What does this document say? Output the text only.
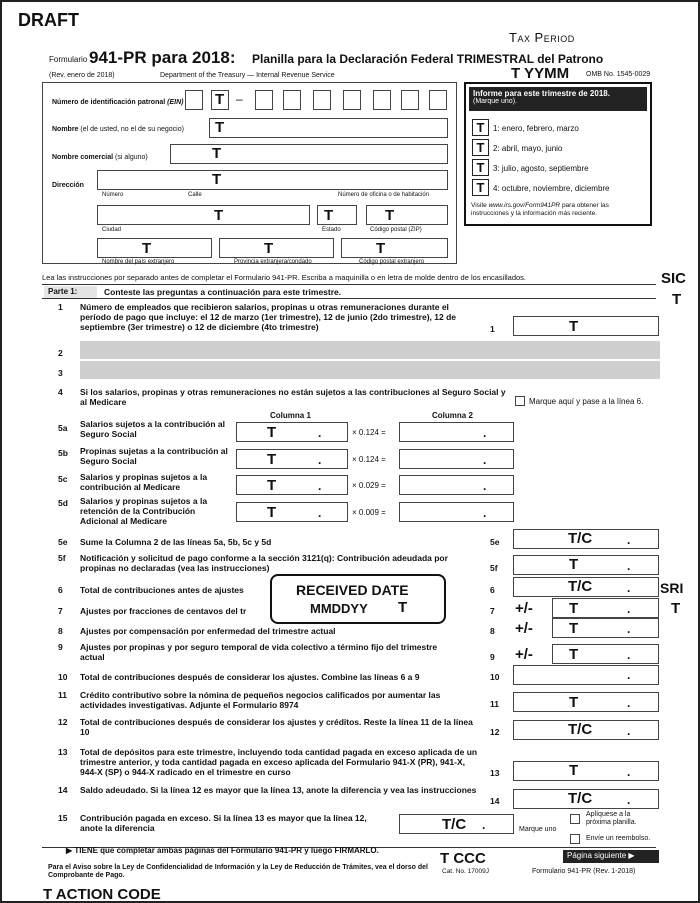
DRAFT
Tax Period
Formulario 941-PR para 2018: Planilla para la Declaración Federal TRIMESTRAL del Patrono
(Rev. enero de 2018)	Department of the Treasury — Internal Revenue Service	T YYMM OMB No. 1545-0029
Número de identificación patronal (EIN) T –
Nombre (el de usted, no el de su negocio) T
Nombre comercial (si alguno)	T
Dirección	T
Número	Calle	Número de oficina o de habitación
T	T	T
Ciudad	Estado	Código postal (ZIP)
T	T	T
Nombre del país extranjero	Provincia extranjera/condado	Código postal extranjero
Informe para este trimestre de 2018.
(Marque uno).
T	1: enero, febrero, marzo
T	2: abril, mayo, junio
T	3: julio, agosto, septiembre
T	4: octubre, noviembre, diciembre
Visite www.irs.gov/Form941PR para obtener las instrucciones y la información más reciente.
Lea las instrucciones por separado antes de completar el Formulario 941-PR. Escriba a maquinilla o en letra de molde dentro de los encasillados.	SIC
T
Parte 1:	Conteste las preguntas a continuación para este trimestre.
1 Número de empleados que recibieron salarios, propinas u otras remuneraciones durante el período de pago que incluye: el 12 de marzo (1er trimestre), 12 de junio (2do trimestre), 12 de septiembre (3er trimestre) o 12 de diciembre (4to trimestre)	1	T
2
3
4 Si los salarios, propinas y otras remuneraciones no están sujetos a las contribuciones al Seguro Social y al Medicare	Marque aquí y pase a la línea 6.
Columna 1	Columna 2
5a Salarios sujetos a la contribución al Seguro Social	T	.	× 0.124 =	.
5b Propinas sujetas a la contribución al Seguro Social	T	.	× 0.124 =	.
5c Salarios y propinas sujetos a la contribución al Medicare	T	.	× 0.029 =	.
5d Salarios y propinas sujetos a la retención de la Contribución Adicional al Medicare	T	.	× 0.009 =	.
5e Sume la Columna 2 de las líneas 5a, 5b, 5c y 5d	5e	T/C	.
5f Notificación y solicitud de pago conforme a la sección 3121(q): Contribución adeudada por propinas no declaradas (vea las instrucciones)	5f	T	.
6 Total de contribuciones antes de ajustes	6	T/C	. SRI
T
7 Ajustes por fracciones de centavos del tr	7 +/- T	.
RECEIVED DATE
MMDDYY T
8 Ajustes por compensación por enfermedad del trimestre actual	8 +/- T	.
9 Ajustes por propinas y por seguro temporal de vida colectivo a término fijo del trimestre actual	9 +/- T	.
10 Total de contribuciones después de considerar los ajustes. Combine las líneas 6 a 9	10	.
11 Crédito contributivo sobre la nómina de pequeños negocios calificados por aumentar las actividades investigativas. Adjunte el Formulario 8974	11	T	.
12 Total de contribuciones después de considerar los ajustes y créditos. Reste la línea 11 de la línea 10	12	T/C	.
13 Total de depósitos para este trimestre, incluyendo toda cantidad pagada en exceso aplicada de un trimestre anterior, y toda cantidad pagada en exceso aplicada del Formulario 941-X (PR), 941-X, 944-X (SP) o 944-X radicado en el trimestre en curso	13	T	.
14 Saldo adeudado. Si la línea 12 es mayor que la línea 13, anote la diferencia y vea las instrucciones
14	T/C	.
15 Contribución pagada en exceso. Si la línea 13 es mayor que la línea 12, anote la diferencia	T/C .	Marque uno
Aplíquese a la próxima planilla.
Envíe un reembolso.
▶ TIENE que completar ambas páginas del Formulario 941-PR y luego FIRMARLO.
Página siguiente ▶
T CCC
Para el Aviso sobre la Ley de Confidencialidad de Información y la Ley de Reducción de Trámites, vea el dorso del Comprobante de Pago.
Cat. No. 17009J	Formulario 941-PR (Rev. 1-2018)
T ACTION CODE
